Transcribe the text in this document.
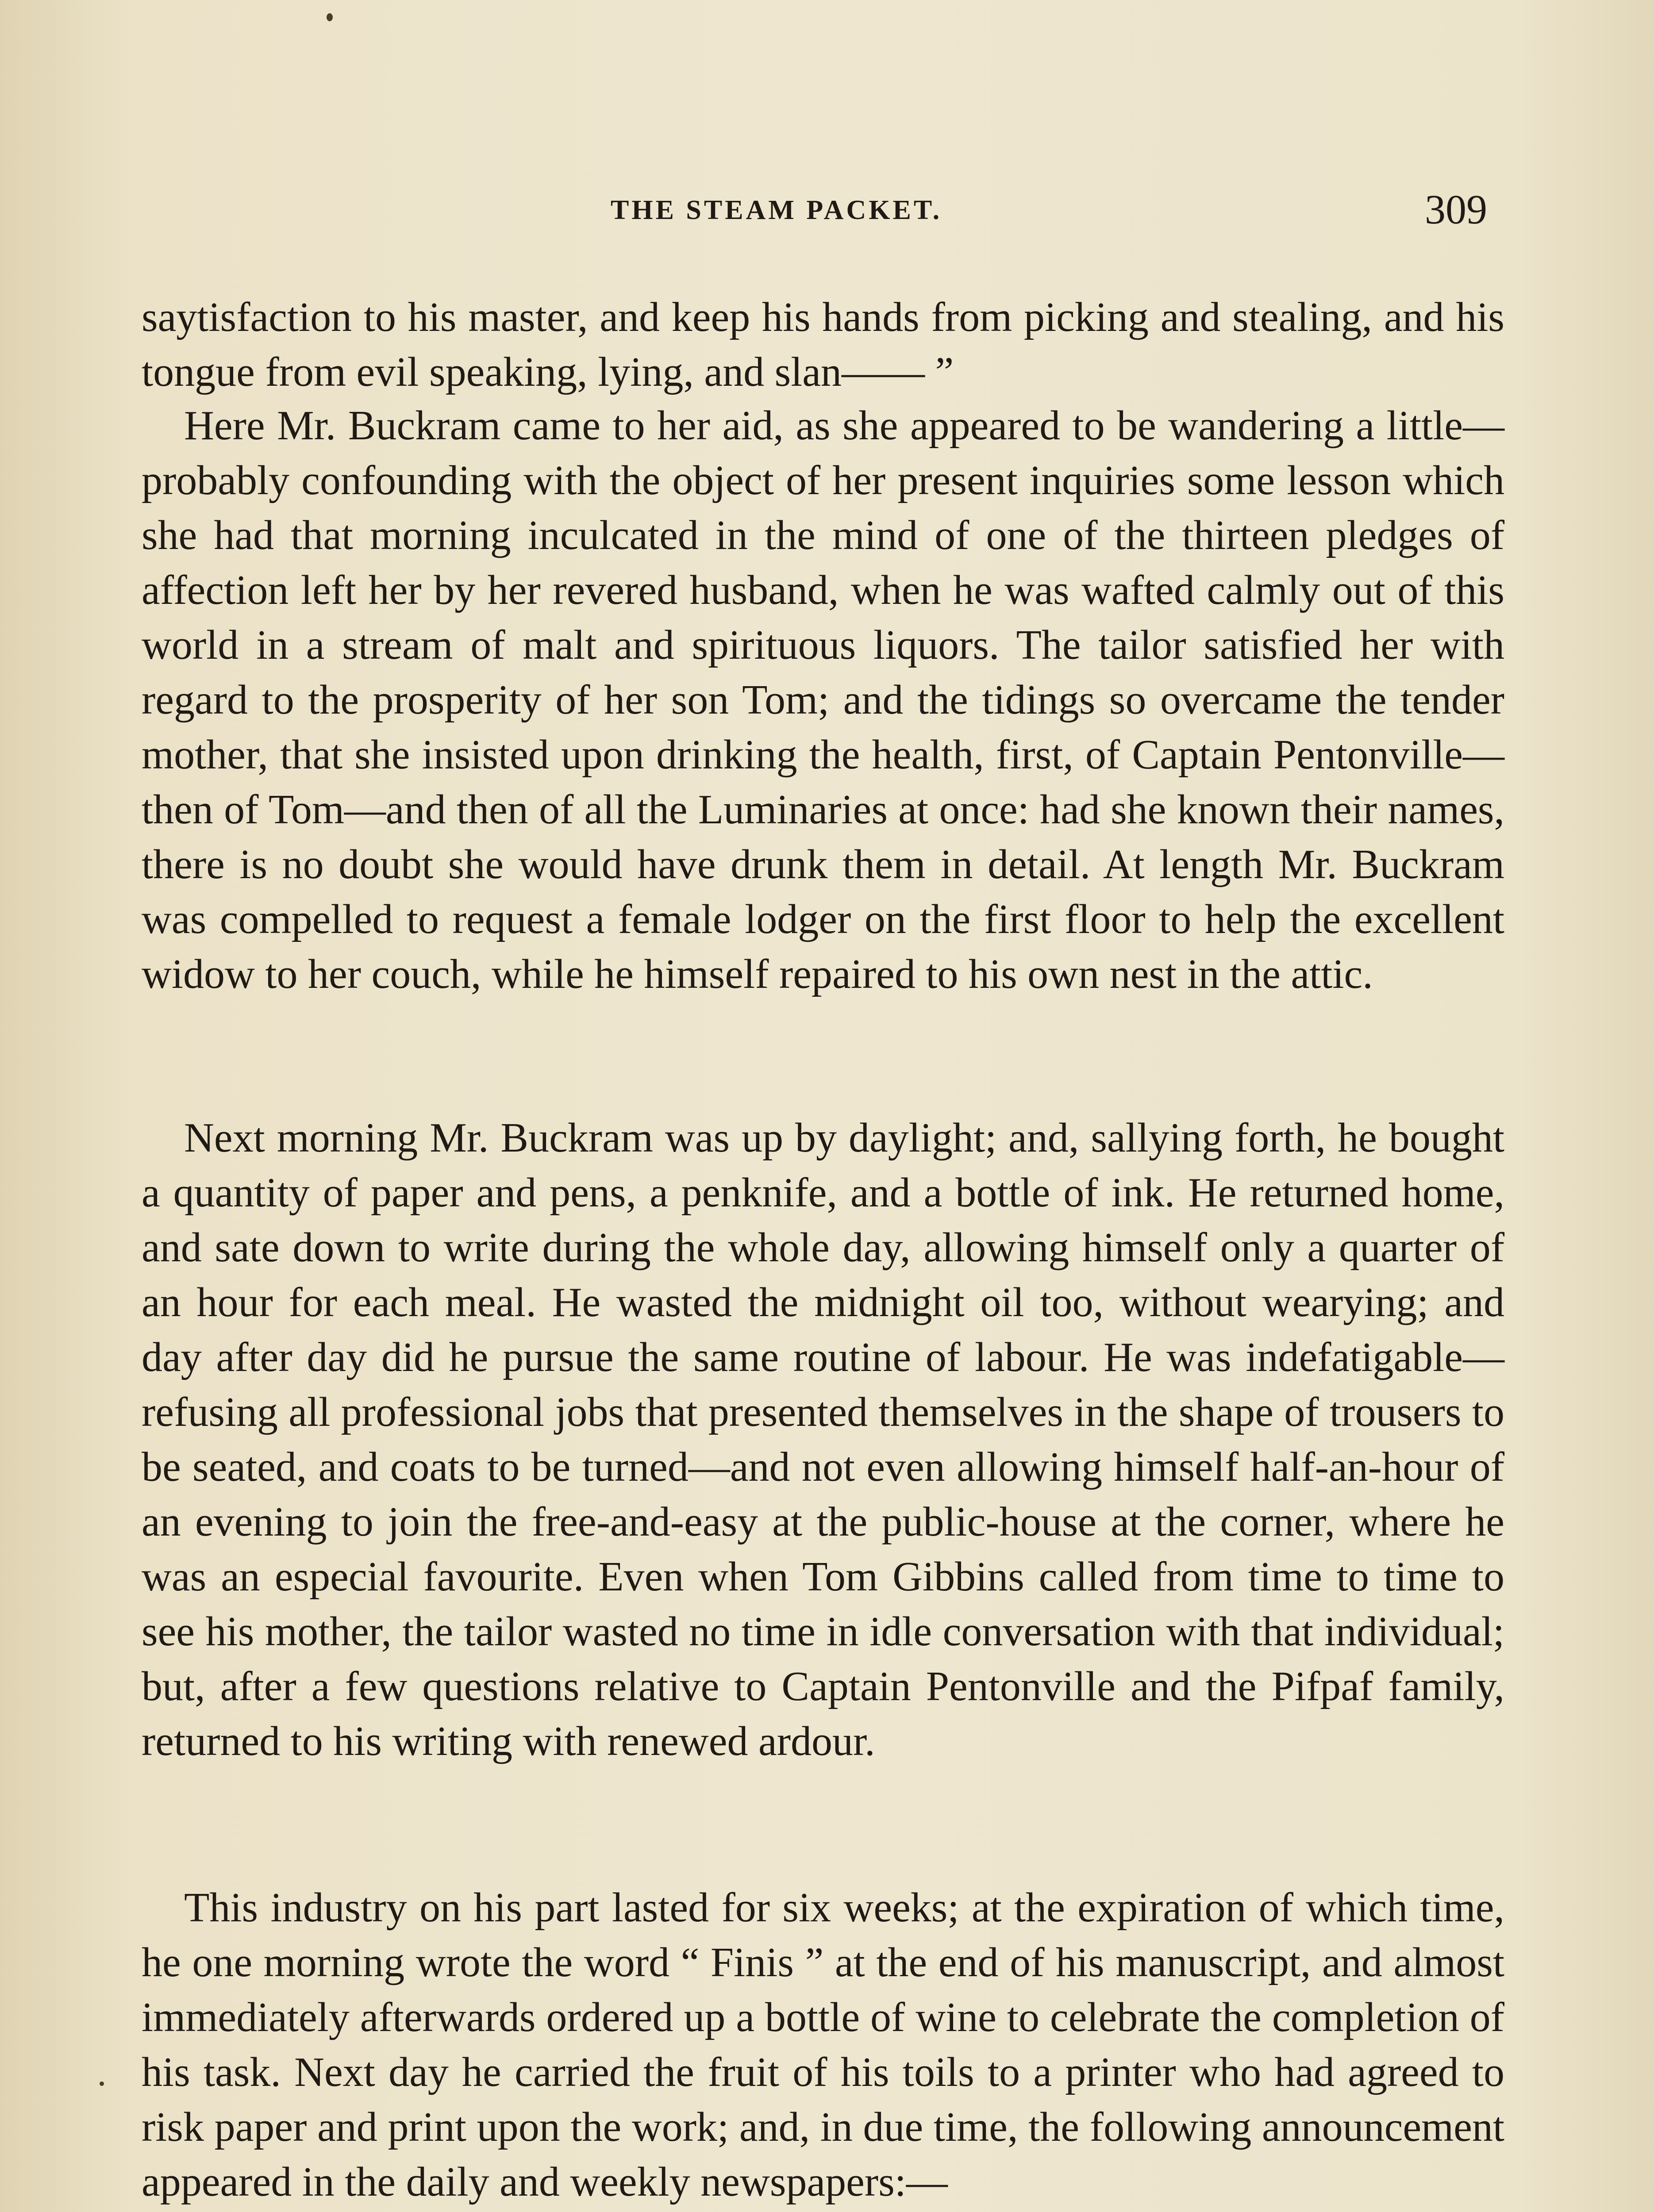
THE STEAM PACKET.	309

saytisfaction to his master, and keep his hands from picking and stealing, and his tongue from evil speaking, lying, and slan—— ”

Here Mr. Buckram came to her aid, as she appeared to be wandering a little—probably confounding with the object of her present inquiries some lesson which she had that morning inculcated in the mind of one of the thirteen pledges of affection left her by her revered husband, when he was wafted calmly out of this world in a stream of malt and spirituous liquors. The tailor satisfied her with regard to the prosperity of her son Tom; and the tidings so overcame the tender mother, that she insisted upon drinking the health, first, of Captain Pentonville—then of Tom—and then of all the Luminaries at once: had she known their names, there is no doubt she would have drunk them in detail. At length Mr. Buckram was compelled to request a female lodger on the first floor to help the excellent widow to her couch, while he himself repaired to his own nest in the attic.

Next morning Mr. Buckram was up by daylight; and, sallying forth, he bought a quantity of paper and pens, a penknife, and a bottle of ink. He returned home, and sate down to write during the whole day, allowing himself only a quarter of an hour for each meal. He wasted the midnight oil too, without wearying; and day after day did he pursue the same routine of labour. He was indefatigable—refusing all professional jobs that presented themselves in the shape of trousers to be seated, and coats to be turned—and not even allowing himself half-an-hour of an evening to join the free-and-easy at the public-house at the corner, where he was an especial favourite. Even when Tom Gibbins called from time to time to see his mother, the tailor wasted no time in idle conversation with that individual; but, after a few questions relative to Captain Pentonville and the Pifpaf family, returned to his writing with renewed ardour.

This industry on his part lasted for six weeks; at the expiration of which time, he one morning wrote the word “ Finis ” at the end of his manuscript, and almost immediately afterwards ordered up a bottle of wine to celebrate the completion of his task. Next day he carried the fruit of his toils to a printer who had agreed to risk paper and print upon the work; and, in due time, the following announcement appeared in the daily and weekly newspapers:—
